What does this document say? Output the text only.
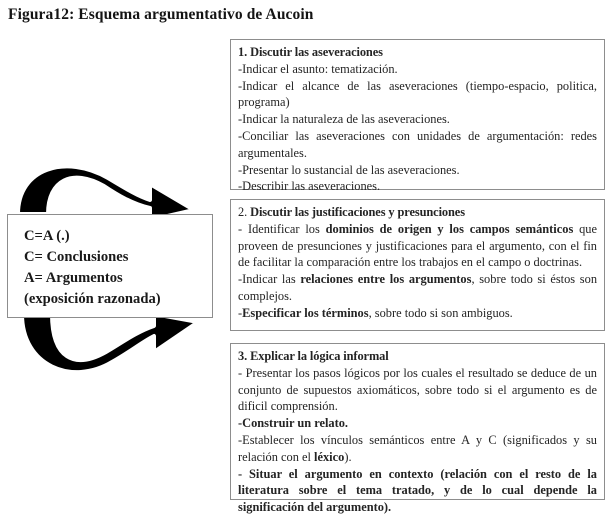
Figura12: Esquema argumentativo de Aucoin
C=A (.)
C= Conclusiones
A= Argumentos
(exposición razonada)
1. Discutir las aseveraciones

-Indicar el asunto: tematización.

-Indicar el alcance de las aseveraciones (tiempo-espacio, politica, programa)

-Indicar la naturaleza de las aseveraciones.

-Conciliar las aseveraciones con unidades de argumentación: redes argumentales.

-Presentar lo sustancial de las aseveraciones.

-Describir las aseveraciones.

2. Discutir las justificaciones y presunciones

- Identificar los dominios de origen y los campos semánticos que proveen de presunciones y justificaciones para el argumento, con el fin de facilitar la comparación entre los trabajos en el campo o doctrinas.

-Indicar las relaciones entre los argumentos, sobre todo si éstos son complejos.

-Especificar los términos, sobre todo si son ambiguos.

3. Explicar la lógica informal

- Presentar los pasos lógicos por los cuales el resultado se deduce de un conjunto de supuestos axiomáticos, sobre todo si el argumento es de dificil comprensión.

-Construir un relato.

-Establecer los vínculos semánticos entre A y C (significados y su relación con el léxico).

- Situar el argumento en contexto (relación con el resto de la literatura sobre el tema tratado, y de lo cual depende la significación del argumento).
